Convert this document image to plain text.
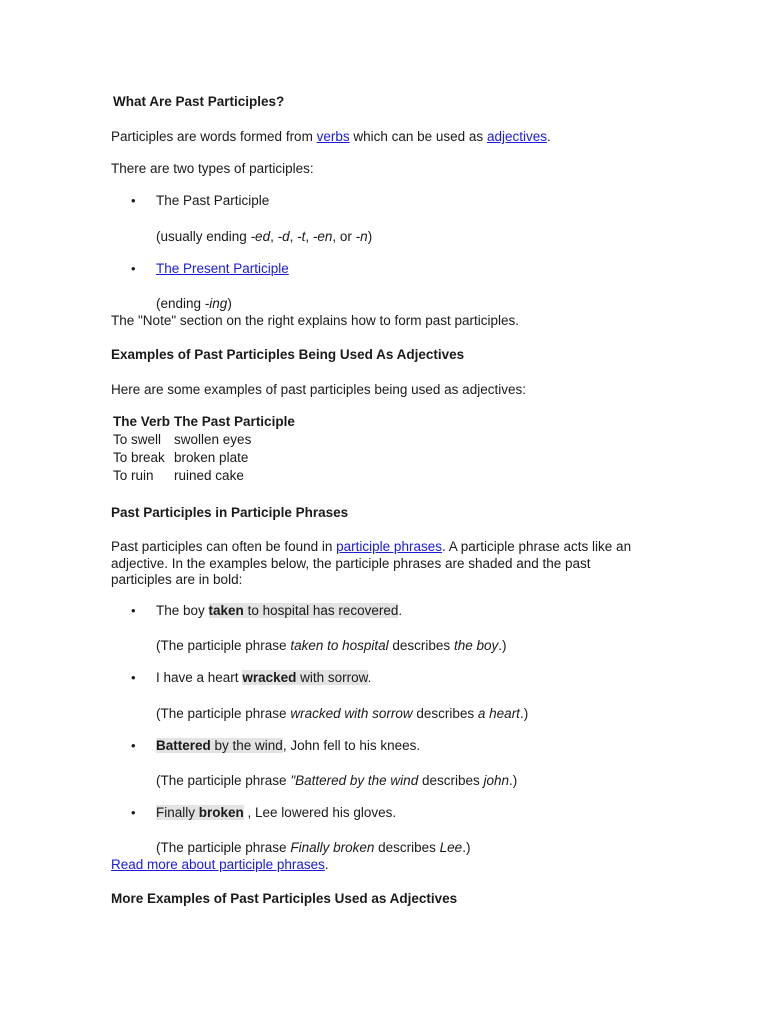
What Are Past Participles?
Participles are words formed from verbs which can be used as adjectives.
There are two types of participles:
• The Past Participle
(usually ending -ed, -d, -t, -en, or -n)
• The Present Participle
(ending -ing)
The "Note" section on the right explains how to form past participles.
Examples of Past Participles Being Used As Adjectives
Here are some examples of past participles being used as adjectives:
The Verb	The Past Participle
To swell	swollen eyes
To break	broken plate
To ruin	ruined cake
Past Participles in Participle Phrases
Past participles can often be found in participle phrases. A participle phrase acts like an
adjective. In the examples below, the participle phrases are shaded and the past
participles are in bold:
• The boy taken to hospital has recovered.
(The participle phrase taken to hospital describes the boy.)
• I have a heart wracked with sorrow.
(The participle phrase wracked with sorrow describes a heart.)
• Battered by the wind, John fell to his knees.
(The participle phrase "Battered by the wind describes john.)
• Finally broken , Lee lowered his gloves.
(The participle phrase Finally broken describes Lee.)
Read more about participle phrases.
More Examples of Past Participles Used as Adjectives
